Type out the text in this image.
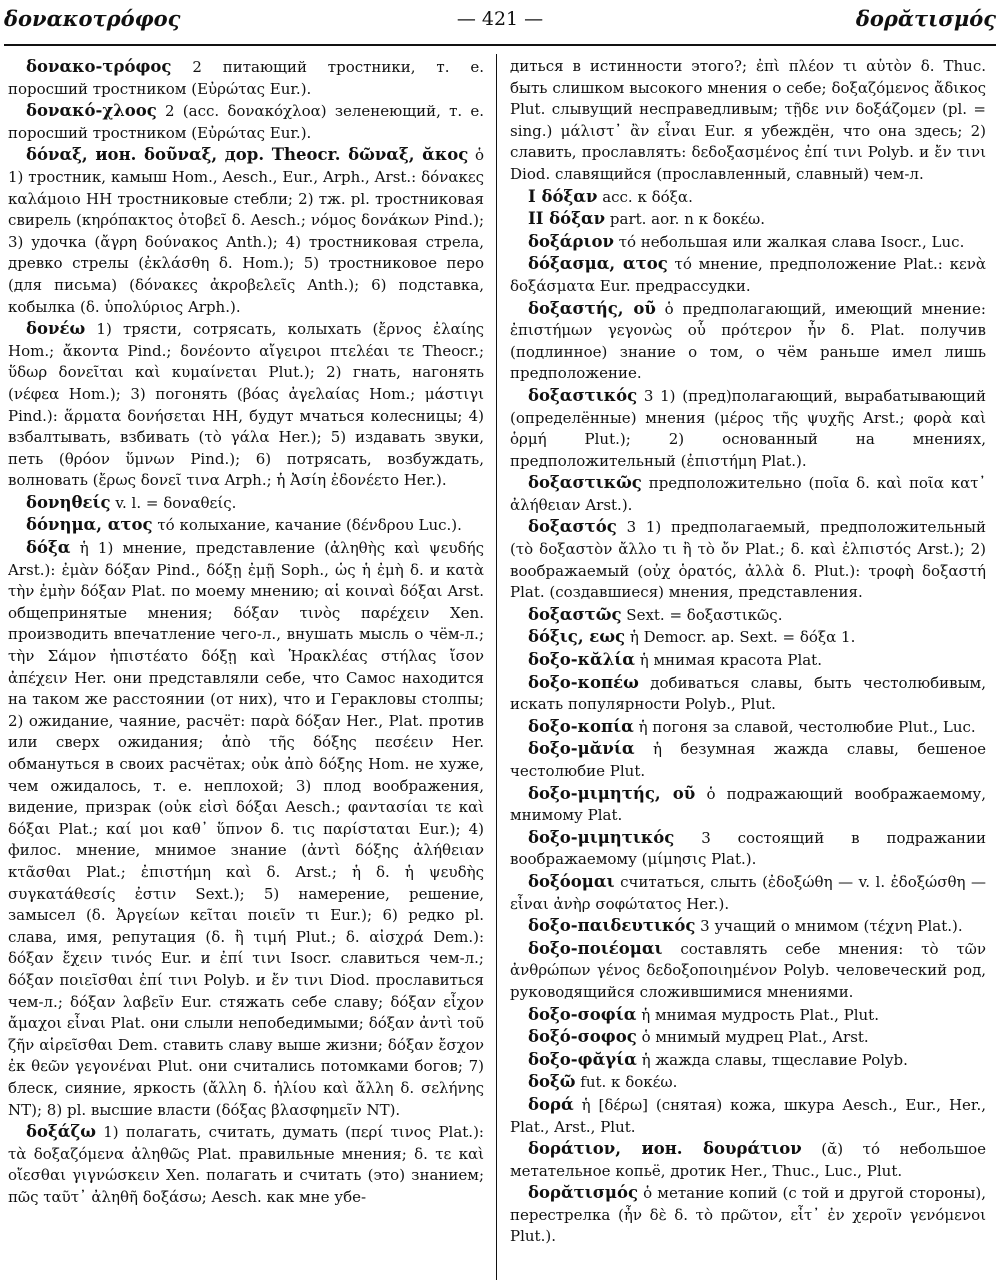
δονακοτρόφος	— 421 —	δορᾰτισμός

δονακο-τρόφος 2 питающий тростники, т. е. поросший тростником (Εὐρώτας Eur.).

δονακό-χλοος 2 (acc. δονακόχλοα) зеленеющий, т. е. поросший тростником (Εὐρώτας Eur.).

δόναξ, ион. δοῦναξ, дор. Theocr. δῶναξ, ᾰκος ὁ 1) тростник, камыш Hom., Aesch., Eur., Arph., Arst.: δόνακες καλάμοιο НН тростниковые стебли; 2) тж. pl. тростниковая свирель (κηρόπακτος ὀτοβεῖ δ. Aesch.; νόμος δονάκων Pind.); 3) удочка (ἄγρη δούνακος Anth.); 4) тростниковая стрела, древко стрелы (ἐκλάσθη δ. Hom.); 5) тростниковое перо (для письма) (δόνακες ἀκροβελεῖς Anth.); 6) подставка, кобылка (δ. ὑπολύριος Arph.).

δονέω 1) трясти, сотрясать, колыхать (ἔρνος ἐλαίης Hom.; ἄκοντα Pind.; δονέοντο αἴγειροι πτελέαι τε Theocr.; ὕδωρ δονεῖται καὶ κυμαίνεται Plut.); 2) гнать, нагонять (νέφεα Hom.); 3) погонять (βόας ἀγελαίας Hom.; μάστιγι Pind.): ἅρματα δονήσεται НН, будут мчаться колесницы; 4) взбалтывать, взбивать (τὸ γάλα Her.); 5) издавать звуки, петь (θρόον ὕμνων Pind.); 6) потрясать, возбуждать, волновать (ἔρως δονεῖ τινα Arph.; ἡ Ἀσίη ἐδονέετο Her.).

δονηθείς v. l. = δοναθείς.

δόνημα, ατος τό колыхание, качание (δένδρου Luc.).

δόξα ἡ 1) мнение, представление (ἀληθὴς καὶ ψευδής Arst.): ἐμὰν δόξαν Pind., δόξῃ ἐμῇ Soph., ὡς ἡ ἐμὴ δ. и κατὰ τὴν ἐμὴν δόξαν Plat. по моему мнению; αἱ κοιναὶ δόξαι Arst. общепринятые мнения; δόξαν τινὸς παρέχειν Xen. производить впечатление чего-л., внушать мысль о чём-л.; τὴν Σάμον ἠπιστέατο δόξῃ καὶ Ἡρακλέας στήλας ἴσον ἀπέχειν Her. они представляли себе, что Самос находится на таком же расстоянии (от них), что и Геракловы столпы; 2) ожидание, чаяние, расчёт: παρὰ δόξαν Her., Plat. против или сверх ожидания; ἀπὸ τῆς δόξης πεσέειν Her. обмануться в своих расчётах; οὐκ ἀπὸ δόξης Hom. не хуже, чем ожидалось, т. е. неплохой; 3) плод воображения, видение, призрак (οὐκ εἰσὶ δόξαι Aesch.; φαντασίαι τε καὶ δόξαι Plat.; καί μοι καθ᾿ ὕπνον δ. τις παρίσταται Eur.); 4) филос. мнение, мнимое знание (ἀντὶ δόξης ἀλήθειαν κτᾶσθαι Plat.; ἐπιστήμη καὶ δ. Arst.; ἡ δ. ἡ ψευδὴς συγκατάθεσίς ἐστιν Sext.); 5) намерение, решение, замысел (δ. Ἀργείων κεῖται ποιεῖν τι Eur.); 6) редко pl. слава, имя, репутация (δ. ἢ τιμή Plut.; δ. αἰσχρά Dem.): δόξαν ἔχειν τινός Eur. и ἐπί τινι Isocr. славиться чем-л.; δόξαν ποιεῖσθαι ἐπί τινι Polyb. и ἔν τινι Diod. прославиться чем-л.; δόξαν λαβεῖν Eur. стяжать себе славу; δόξαν εἶχον ἄμαχοι εἶναι Plat. они слыли непобедимыми; δόξαν ἀντὶ τοῦ ζῆν αἱρεῖσθαι Dem. ставить славу выше жизни; δόξαν ἔσχον ἐκ θεῶν γεγονέναι Plut. они считались потомками богов; 7) блеск, сияние, яркость (ἄλλη δ. ἡλίου καὶ ἄλλη δ. σελήνης NT); 8) pl. высшие власти (δόξας βλασφημεῖν NT).

δοξάζω 1) полагать, считать, думать (περί τινος Plat.): τὰ δοξαζόμενα ἀληθῶς Plat. правильные мнения; δ. τε καὶ οἴεσθαι γιγνώσκειν Xen. полагать и считать (это) знанием; πῶς ταῦτ᾿ ἀληθῆ δοξάσω; Aesch. как мне убе-

диться в истинности этого?; ἐπὶ πλέον τι αὑτὸν δ. Thuc. быть слишком высокого мнения о себе; δοξαζόμενος ἄδικος Plut. слывущий несправедливым; τῇδε νιν δοξάζομεν (pl. = sing.) μάλιστ᾿ ἂν εἶναι Eur. я убеждён, что она здесь; 2) славить, прославлять: δεδοξασμένος ἐπί τινι Polyb. и ἔν τινι Diod. славящийся (прославленный, славный) чем-л.

I δόξαν acc. к δόξα.

II δόξαν part. aor. n к δοκέω.

δοξάριον τό небольшая или жалкая слава Isocr., Luc.

δόξασμα, ατος τό мнение, предположение Plat.: κενὰ δοξάσματα Eur. предрассудки.

δοξαστής, οῦ ὁ предполагающий, имеющий мнение: ἐπιστήμων γεγονὼς οὗ πρότερον ἦν δ. Plat. получив (подлинное) знание о том, о чём раньше имел лишь предположение.

δοξαστικός 3 1) (пред)полагающий, вырабатывающий (определённые) мнения (μέρος τῆς ψυχῆς Arst.; φορὰ καὶ ὁρμή Plut.); 2) основанный на мнениях, предположительный (ἐπιστήμη Plat.).

δοξαστικῶς предположительно (ποῖα δ. καὶ ποῖα κατ᾿ ἀλήθειαν Arst.).

δοξαστός 3 1) предполагаемый, предположительный (τὸ δοξαστὸν ἄλλο τι ἢ τὸ ὄν Plat.; δ. καὶ ἐλπιστός Arst.); 2) воображаемый (οὐχ ὁρατός, ἀλλὰ δ. Plut.): τροφὴ δοξαστή Plat. (создавшиеся) мнения, представления.

δοξαστῶς Sext. = δοξαστικῶς.

δόξις, εως ἡ Democr. ap. Sext. = δόξα 1.

δοξο-κᾰλία ἡ мнимая красота Plat.

δοξο-κοπέω добиваться славы, быть честолюбивым, искать популярности Polyb., Plut.

δοξο-κοπία ἡ погоня за славой, честолюбие Plut., Luc.

δοξο-μᾰνία ἡ безумная жажда славы, бешеное честолюбие Plut.

δοξο-μιμητής, οῦ ὁ подражающий воображаемому, мнимому Plat.

δοξο-μιμητικός 3 состоящий в подражании воображаемому (μίμησις Plat.).

δοξόομαι считаться, слыть (ἐδοξώθη — v. l. ἐδοξώσθη — εἶναι ἀνὴρ σοφώτατος Her.).

δοξο-παιδευτικός 3 учащий о мнимом (τέχνη Plat.).

δοξο-ποιέομαι составлять себе мнения: τὸ τῶν ἀνθρώπων γένος δεδοξοποιημένον Polyb. человеческий род, руководящийся сложившимися мнениями.

δοξο-σοφία ἡ мнимая мудрость Plat., Plut.

δοξό-σοφος ὁ мнимый мудрец Plat., Arst.

δοξο-φᾰγία ἡ жажда славы, тщеславие Polyb.

δοξῶ fut. к δοκέω.

δορά ἡ [δέρω] (снятая) кожа, шкура Aesch., Eur., Her., Plat., Arst., Plut.

δοράτιον, ион. δουράτιον (ᾰ) τό небольшое метательное копьё, дротик Her., Thuc., Luc., Plut.

δορᾰτισμός ὁ метание копий (с той и другой стороны), перестрелка (ἦν δὲ δ. τὸ πρῶτον, εἶτ᾿ ἐν χεροῖν γενόμενοι Plut.).
